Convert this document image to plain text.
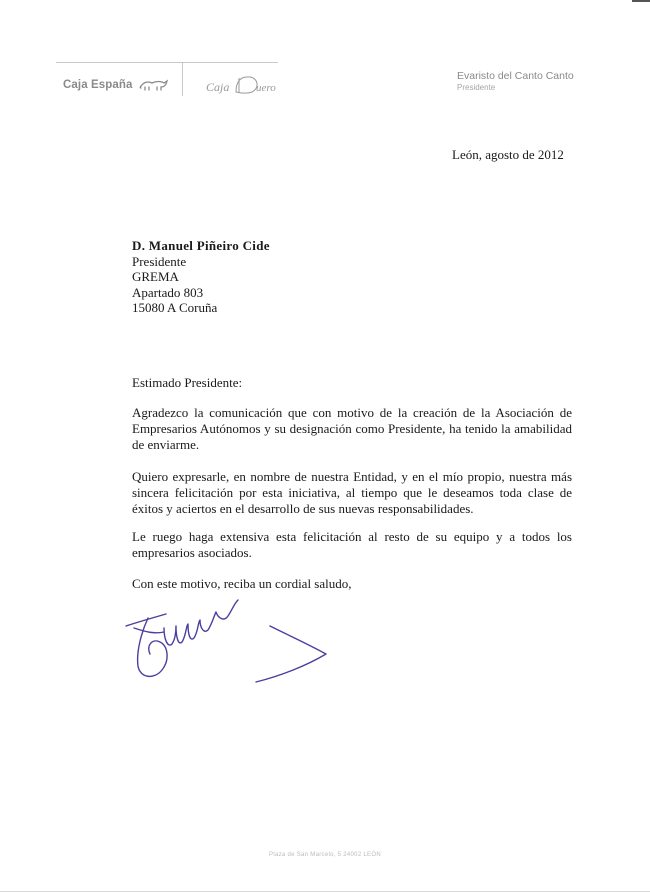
Caja España	Caja uero
Evaristo del Canto Canto
Presidente
León, agosto de 2012
D. Manuel Piñeiro Cide
Presidente
GREMA
Apartado 803
15080 A Coruña
Estimado Presidente:
Agradezco la comunicación que con motivo de la creación de la Asociación de Empresarios Autónomos y su designación como Presidente, ha tenido la amabilidad de enviarme.
Quiero expresarle, en nombre de nuestra Entidad, y en el mío propio, nuestra más sincera felicitación por esta iniciativa, al tiempo que le deseamos toda clase de éxitos y aciertos en el desarrollo de sus nuevas responsabilidades.
Le ruego haga extensiva esta felicitación al resto de su equipo y a todos los empresarios asociados.
Con este motivo, reciba un cordial saludo,
Plaza de San Marcelo, 5 24002 LEÓN
